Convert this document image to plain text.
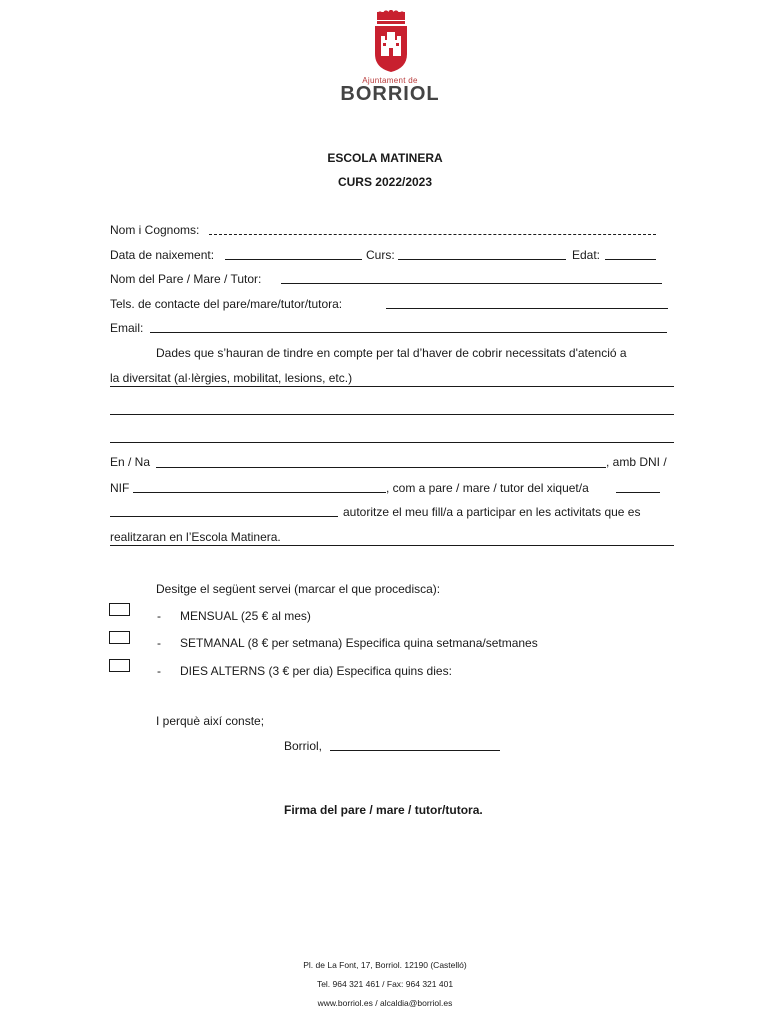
Ajuntament de
BORRIOL
ESCOLA MATINERA
CURS 2022/2023
Nom i Cognoms:
Data de naixement:	Curs:	Edat:
Nom del Pare / Mare / Tutor:
Tels. de contacte del pare/mare/tutor/tutora:
Email:
Dades que s’hauran de tindre en compte per tal d’haver de cobrir necessitats d'atenció a
la diversitat (al·lèrgies, mobilitat, lesions, etc.)
En / Na	, amb DNI /
NIF	, com a pare / mare / tutor del xiquet/a
autoritze el meu fill/a a participar en les activitats que es
realitzaran en l’Escola Matinera.
Desitge el següent servei (marcar el que procedisca):
- MENSUAL (25 € al mes)
- SETMANAL (8 € per setmana) Especifica quina setmana/setmanes
- DIES ALTERNS (3 € per dia) Especifica quins dies:
I perquè així conste;
Borriol,
Firma del pare / mare / tutor/tutora.
Pl. de La Font, 17, Borriol. 12190 (Castelló)
Tel. 964 321 461 / Fax: 964 321 401
www.borriol.es / alcaldia@borriol.es
